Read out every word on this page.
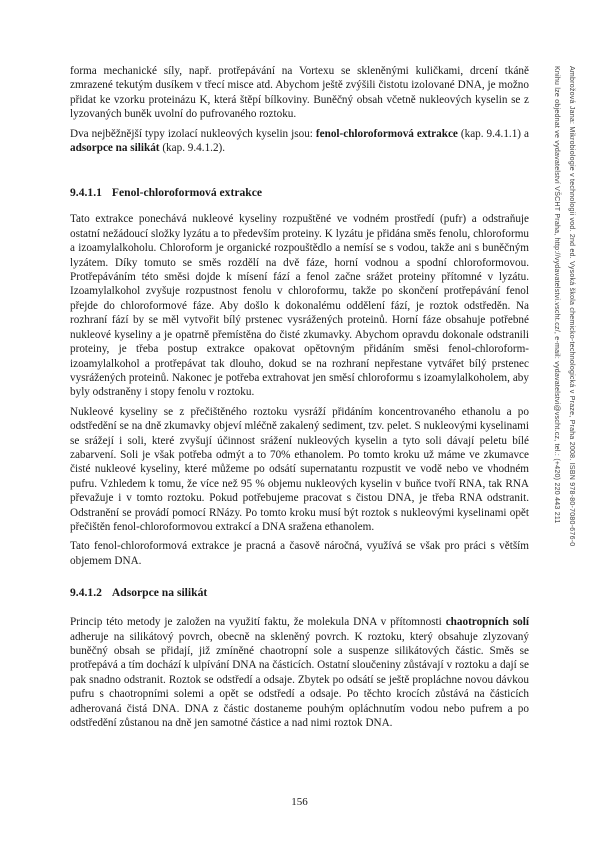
forma mechanické síly, např. protřepávání na Vortexu se skleněnými kuličkami, drcení tkáně zmrazené tekutým dusíkem v třecí misce atd. Abychom ještě zvýšili čistotu izolované DNA, je možno přidat ke vzorku proteinázu K, která štěpí bílkoviny. Buněčný obsah včetně nukleových kyselin se z lyzovaných buněk uvolní do pufrovaného roztoku.

Dva nejběžnější typy izolací nukleových kyselin jsou: fenol-chloroformová extrakce (kap. 9.4.1.1) a adsorpce na silikát (kap. 9.4.1.2).

9.4.1.1 Fenol-chloroformová extrakce

Tato extrakce ponechává nukleové kyseliny rozpuštěné ve vodném prostředí (pufr) a odstraňuje ostatní nežádoucí složky lyzátu a to především proteiny. K lyzátu je přidána směs fenolu, chloroformu a izoamylalkoholu. Chloroform je organické rozpouštědlo a nemísí se s vodou, takže ani s buněčným lyzátem. Díky tomuto se směs rozdělí na dvě fáze, horní vodnou a spodní chloroformovou. Protřepáváním této směsi dojde k mísení fází a fenol začne srážet proteiny přítomné v lyzátu. Izoamylalkohol zvyšuje rozpustnost fenolu v chloroformu, takže po skončení protřepávání fenol přejde do chloroformové fáze. Aby došlo k dokonalému oddělení fází, je roztok odstředěn. Na rozhraní fází by se měl vytvořit bílý prstenec vysrážených proteinů. Horní fáze obsahuje potřebné nukleové kyseliny a je opatrně přemístěna do čisté zkumavky. Abychom opravdu dokonale odstranili proteiny, je třeba postup extrakce opakovat opětovným přidáním směsi fenol-chloroform-izoamylalkohol a protřepávat tak dlouho, dokud se na rozhraní nepřestane vytvářet bílý prstenec vysrážených proteinů. Nakonec je potřeba extrahovat jen směsí chloroformu s izoamylalkoholem, aby byly odstraněny i stopy fenolu v roztoku.

Nukleové kyseliny se z přečištěného roztoku vysráží přidáním koncentrovaného ethanolu a po odstředění se na dně zkumavky objeví mléčně zakalený sediment, tzv. pelet. S nukleovými kyselinami se srážejí i soli, které zvyšují účinnost srážení nukleových kyselin a tyto soli dávají peletu bílé zabarvení. Soli je však potřeba odmýt a to 70% ethanolem. Po tomto kroku už máme ve zkumavce čisté nukleové kyseliny, které můžeme po odsátí supernatantu rozpustit ve vodě nebo ve vhodném pufru. Vzhledem k tomu, že více než 95 % objemu nukleových kyselin v buňce tvoří RNA, tak RNA převažuje i v tomto roztoku. Pokud potřebujeme pracovat s čistou DNA, je třeba RNA odstranit. Odstranění se provádí pomocí RNázy. Po tomto kroku musí být roztok s nukleovými kyselinami opět přečištěn fenol-chloroformovou extrakcí a DNA sražena ethanolem.

Tato fenol-chloroformová extrakce je pracná a časově náročná, využívá se však pro práci s větším objemem DNA.

9.4.1.2 Adsorpce na silikát

Princip této metody je založen na využití faktu, že molekula DNA v přítomnosti chaotropních solí adheruje na silikátový povrch, obecně na skleněný povrch. K roztoku, který obsahuje zlyzovaný buněčný obsah se přidají, již zmíněné chaotropní sole a suspenze silikátových částic. Směs se protřepává a tím dochází k ulpívání DNA na částicích. Ostatní sloučeniny zůstávají v roztoku a dají se pak snadno odstranit. Roztok se odstředí a odsaje. Zbytek po odsátí se ještě propláchne novou dávkou pufru s chaotropními solemi a opět se odstředí a odsaje. Po těchto krocích zůstává na částicích adherovaná čistá DNA. DNA z částic dostaneme pouhým opláchnutím vodou nebo pufrem a po odstředění zůstanou na dně jen samotné částice a nad nimi roztok DNA.

Ambrožová Jana: Mikrobiologie v technologii vod. 2nd ed. Vysoká škola chemicko-technologická v Praze, Praha 2008. ISBN 978-80-7080-676-0
Knihu lze objednat ve vydavatelství VŠCHT Praha, http://vydavatelstvi.vscht.cz/, e-mail: vydavatelstvi@vscht.cz, tel.: (+420) 220 443 211
156
